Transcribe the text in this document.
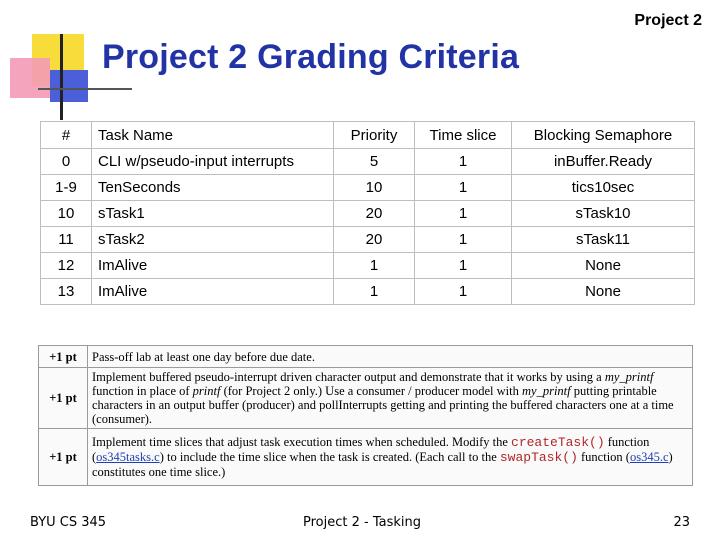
Project 2
Project 2 Grading Criteria
#	Task Name	Priority	Time slice	Blocking Semaphore
0	CLI w/pseudo-input interrupts	5	1	inBuffer.Ready
1-9	TenSeconds	10	1	tics10sec
10	sTask1	20	1	sTask10
11	sTask2	20	1	sTask11
12	ImAlive	1	1	None
13	ImAlive	1	1	None
+1 pt	Pass-off lab at least one day before due date.
+1 pt	Implement buffered pseudo-interrupt driven character output and demonstrate that it works by using a my_printf function in place of printf (for Project 2 only.) Use a consumer / producer model with my_printf putting printable characters in an output buffer (producer) and pollInterrupts getting and printing the buffered characters one at a time (consumer).
+1 pt	Implement time slices that adjust task execution times when scheduled. Modify the createTask() function (os345tasks.c) to include the time slice when the task is created. (Each call to the swapTask() function (os345.c) constitutes one time slice.)
BYU CS 345	Project 2 - Tasking	23
